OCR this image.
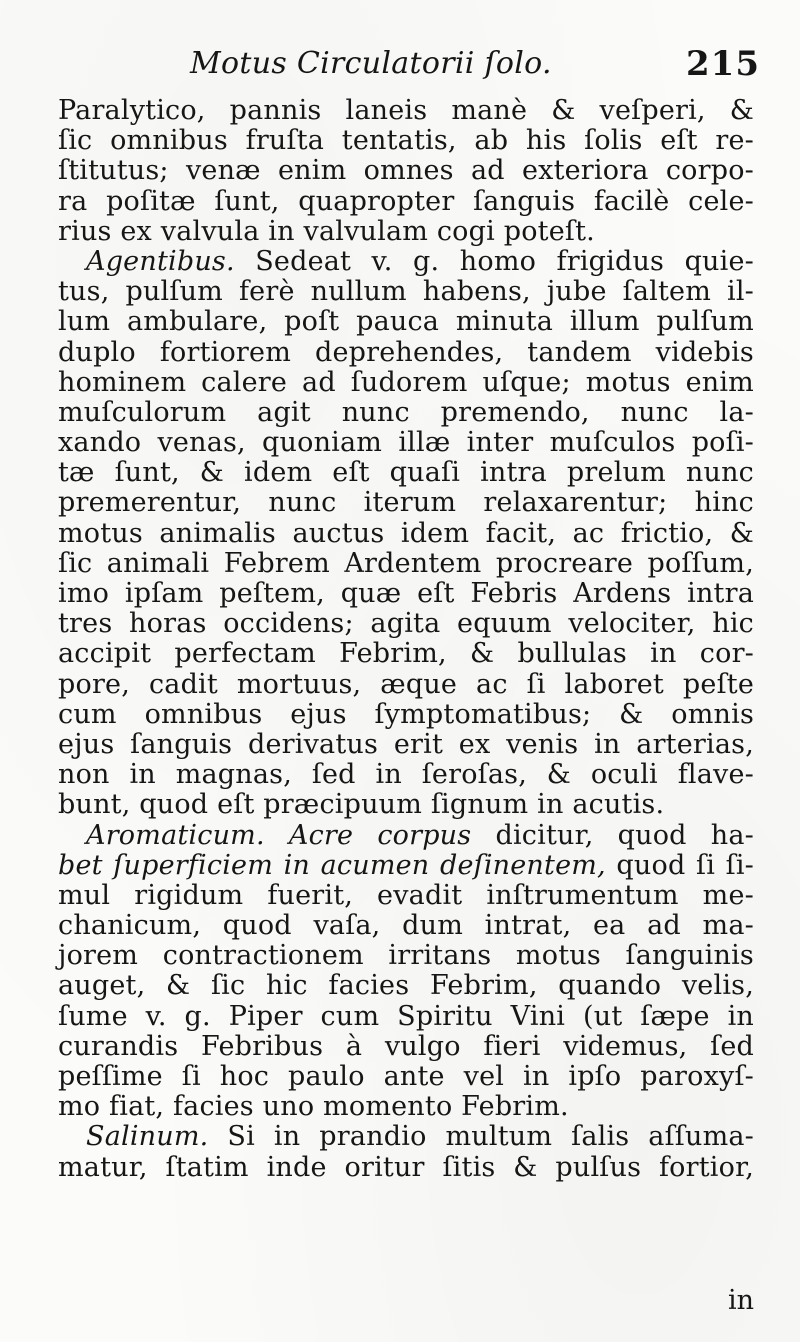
Motus Circulatorii ſolo.	215
Paralytico, pannis laneis manè & veſperi, &
ſic omnibus fruſta tentatis, ab his ſolis eſt re-
ſtitutus; venæ enim omnes ad exteriora corpo-
ra poſitæ ſunt, quapropter ſanguis facilè cele-
rius ex valvula in valvulam cogi poteſt.
Agentibus. Sedeat v. g. homo frigidus quie-
tus, pulſum ferè nullum habens, jube ſaltem il-
lum ambulare, poſt pauca minuta illum pulſum
duplo fortiorem deprehendes, tandem videbis
hominem calere ad ſudorem uſque; motus enim
muſculorum agit nunc premendo, nunc la-
xando venas, quoniam illæ inter muſculos poſi-
tæ ſunt, & idem eſt quaſi intra prelum nunc
premerentur, nunc iterum relaxarentur; hinc
motus animalis auctus idem facit, ac frictio, &
ſic animali Febrem Ardentem procreare poſſum,
imo ipſam peſtem, quæ eſt Febris Ardens intra
tres horas occidens; agita equum velociter, hic
accipit perfectam Febrim, & bullulas in cor-
pore, cadit mortuus, æque ac ſi laboret peſte
cum omnibus ejus ſymptomatibus; & omnis
ejus ſanguis derivatus erit ex venis in arterias,
non in magnas, ſed in ſeroſas, & oculi flave-
bunt, quod eſt præcipuum ſignum in acutis.
Aromaticum. Acre corpus dicitur, quod ha-
bet ſuperficiem in acumen deſinentem, quod ſi ſi-
mul rigidum fuerit, evadit inſtrumentum me-
chanicum, quod vaſa, dum intrat, ea ad ma-
jorem contractionem irritans motus ſanguinis
auget, & ſic hic facies Febrim, quando velis,
ſume v. g. Piper cum Spiritu Vini (ut ſæpe in
curandis Febribus à vulgo fieri videmus, ſed
peſſime ſi hoc paulo ante vel in ipſo paroxyſ-
mo fiat, facies uno momento Febrim.
Salinum. Si in prandio multum ſalis aſſuma-
matur, ſtatim inde oritur ſitis & pulſus fortior,
in
